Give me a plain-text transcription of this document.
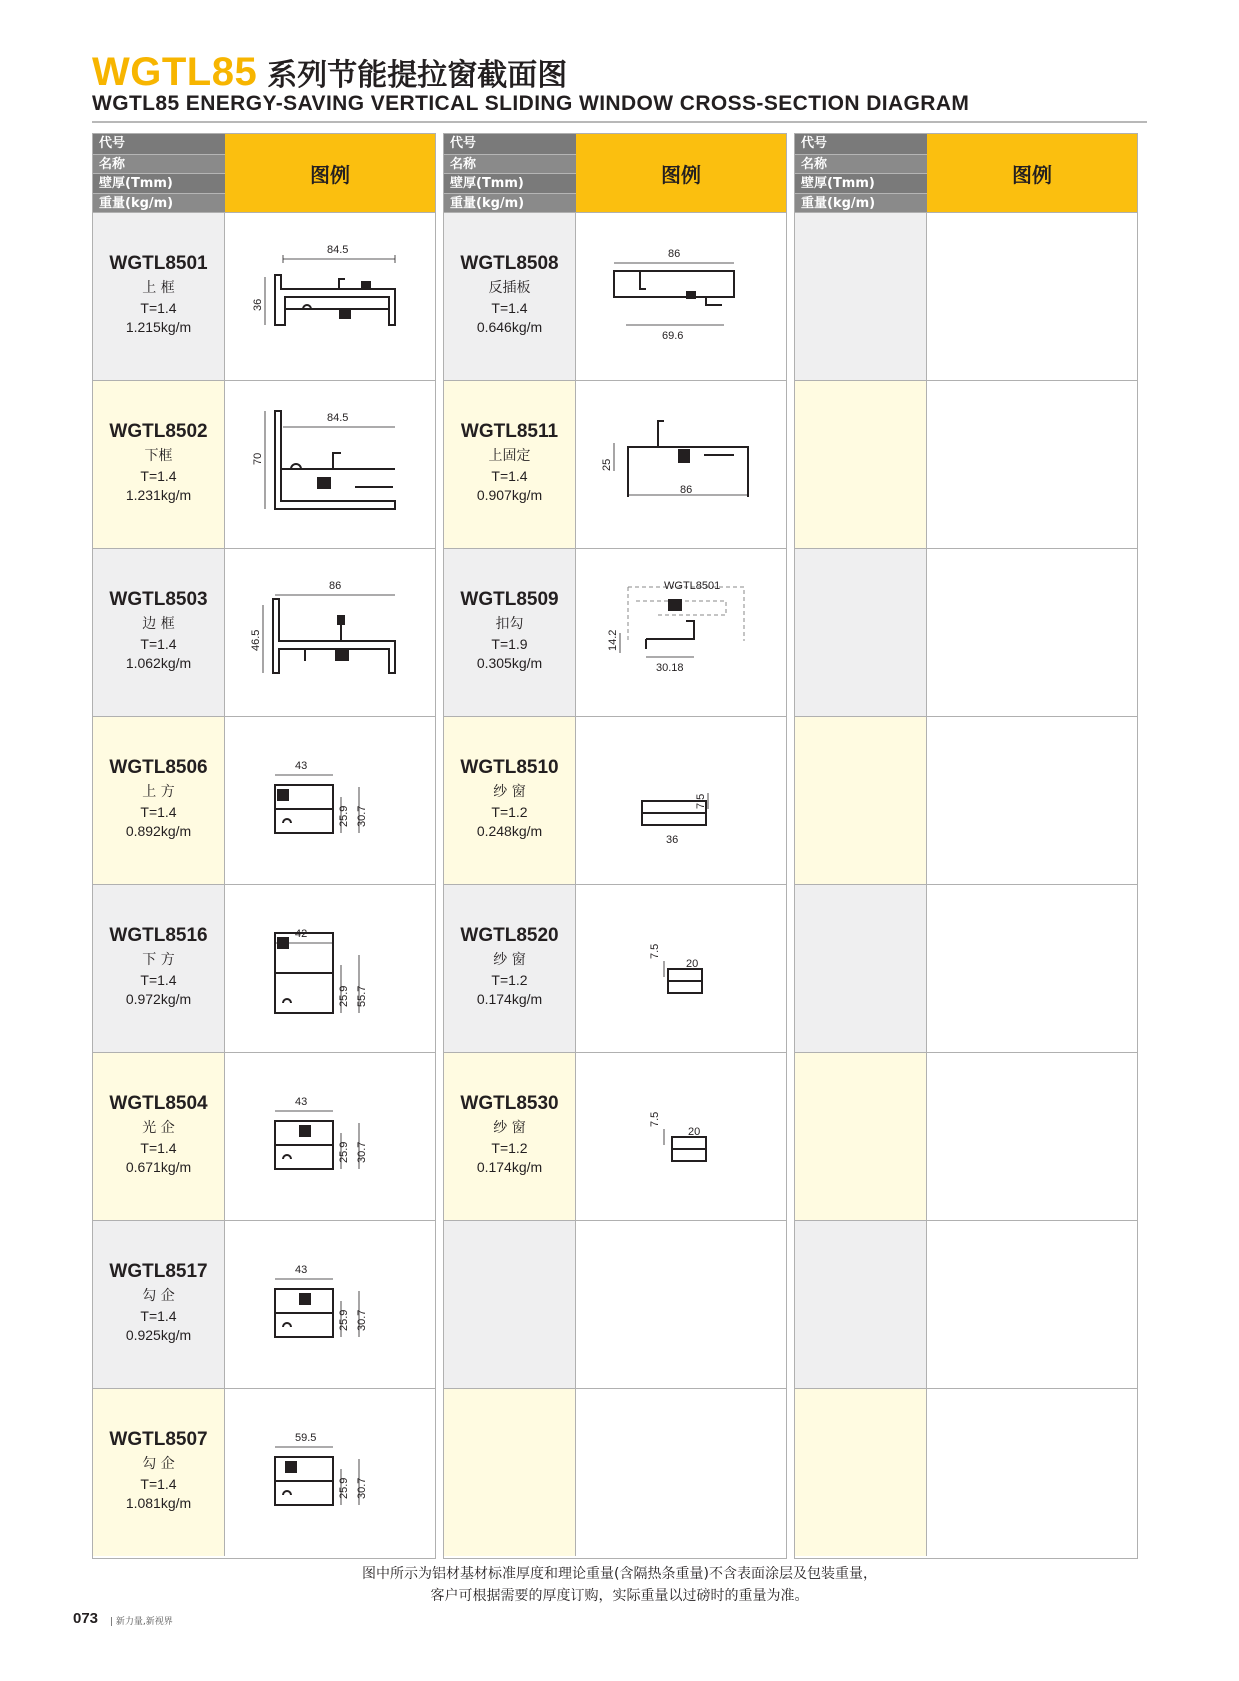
WGTL85 系列节能提拉窗截面图
WGTL85 ENERGY-SAVING VERTICAL SLIDING WINDOW CROSS-SECTION DIAGRAM
代号
名称
壁厚(Tmm)
重量(kg/m)
图例
WGTL8501
上 框
T=1.4
1.215kg/m
84.5
36
WGTL8502
下框
T=1.4
1.231kg/m
84.5
70
WGTL8503
边 框
T=1.4
1.062kg/m
86
46.5
WGTL8506
上 方
T=1.4
0.892kg/m
43
25.9 30.7
WGTL8516
下 方
T=1.4
0.972kg/m
42
25.9 55.7
WGTL8504
光 企
T=1.4
0.671kg/m
43
25.9 30.7
WGTL8517
勾 企
T=1.4
0.925kg/m
43
25.9 30.7
WGTL8507
勾 企
T=1.4
1.081kg/m
59.5
25.9 30.7
代号
名称
壁厚(Tmm)
重量(kg/m)
图例
WGTL8508
反插板
T=1.4
0.646kg/m
86
69.6
WGTL8511
上固定
T=1.4
0.907kg/m
25
86
WGTL8509
扣勾
T=1.9
0.305kg/m
WGTL8501
14.2
30.18
WGTL8510
纱 窗
T=1.2
0.248kg/m
7.5
36
WGTL8520
纱 窗
T=1.2
0.174kg/m
7.5
20
WGTL8530
纱 窗
T=1.2
0.174kg/m
7.5
20
代号
名称
壁厚(Tmm)
重量(kg/m)
图例
图中所示为铝材基材标准厚度和理论重量(含隔热条重量)不含表面涂层及包装重量，
客户可根据需要的厚度订购，实际重量以过磅时的重量为准。
073 | 新力量,新视界
